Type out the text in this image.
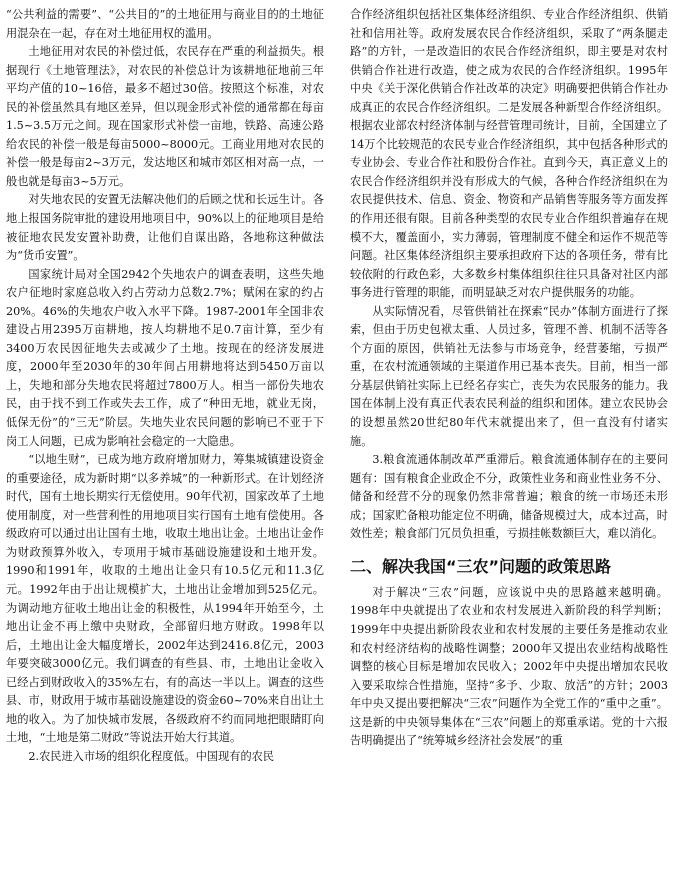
“公共利益的需要”、“公共目的”的土地征用与商业目的的土地征用混杂在一起，存在对土地征用权的滥用。

土地征用对农民的补偿过低，农民存在严重的利益损失。根据现行《土地管理法》，对农民的补偿总计为该耕地征地前三年平均产值的10~16倍，最多不超过30倍。按照这个标准，对农民的补偿虽然具有地区差异，但以现金形式补偿的通常都在每亩1.5~3.5万元之间。现在国家形式补偿一亩地，铁路、高速公路给农民的补偿一般是每亩5000~8000元。工商业用地对农民的补偿一般是每亩2~3万元，发达地区和城市郊区相对高一点，一般也就是每亩3~5万元。

对失地农民的安置无法解决他们的后顾之忧和长远生计。各地上报国务院审批的建设用地项目中，90%以上的征地项目是给被征地农民发安置补助费，让他们自谋出路，各地称这种做法为“货币安置”。

国家统计局对全国2942个失地农户的调查表明，这些失地农户征地时家庭总收入约占劳动力总数2.7%；赋闲在家的约占20%。46%的失地农户收入水平下降。1987-2001年全国非农建设占用2395万亩耕地，按人均耕地不足0.7亩计算，至少有3400万农民因征地失去或减少了土地。按现在的经济发展进度，2000年至2030年的30年间占用耕地将达到5450万亩以上，失地和部分失地农民将超过7800万人。相当一部份失地农民，由于找不到工作或失去工作，成了“种田无地，就业无岗，低保无份”的“三无”阶层。失地失业农民问题的影响已不亚于下岗工人问题，已成为影响社会稳定的一大隐患。

“以地生财”，已成为地方政府增加财力，筹集城镇建设资金的重要途径，成为新时期“以多养城”的一种新形式。在计划经济时代，国有土地长期实行无偿使用。90年代初，国家改革了土地使用制度，对一些营利性的用地项目实行国有土地有偿使用。各级政府可以通过出让国有土地，收取土地出让金。土地出让金作为财政预算外收入，专项用于城市基础设施建设和土地开发。1990和1991年，收取的土地出让金只有10.5亿元和11.3亿元。1992年由于出让规模扩大，土地出让金增加到525亿元。为调动地方征收土地出让金的积极性，从1994年开始至今，土地出让金不再上缴中央财政，全部留归地方财政。1998年以后，土地出让金大幅度增长，2002年达到2416.8亿元，2003年要突破3000亿元。我们调查的有些县、市，土地出让金收入已经占到财政收入的35%左右，有的高达一半以上。调查的这些县、市，财政用于城市基础设施建设的资金60~70%来自出让土地的收入。为了加快城市发展，各级政府不约而同地把眼睛盯向土地，“土地是第二财政”等说法开始大行其道。

2.农民进入市场的组织化程度低。中国现有的农民

合作经济组织包括社区集体经济组织、专业合作经济组织、供销社和信用社等。政府发展农民合作经济组织，采取了“两条腿走路”的方针，一是改造旧的农民合作经济组织，即主要是对农村供销合作社进行改造，使之成为农民的合作经济组织。1995年中央《关于深化供销合作社改革的决定》明确要把供销合作社办成真正的农民合作经济组织。二是发展各种新型合作经济组织。根据农业部农村经济体制与经营管理司统计，目前，全国建立了14万个比较规范的农民专业合作经济组织，其中包括各种形式的专业协会、专业合作社和股份合作社。直到今天，真正意义上的农民合作经济组织并没有形成大的气候，各种合作经济组织在为农民提供技术、信息、资金、物资和产品销售等服务等方面发挥的作用还很有限。目前各种类型的农民专业合作组织普遍存在规模不大，覆盖面小，实力薄弱，管理制度不健全和运作不规范等问题。社区集体经济组织主要承担政府下达的各项任务，带有比较依附的行政色彩，大多数乡村集体组织往往只具备对社区内部事务进行管理的职能，而明显缺乏对农户提供服务的功能。

从实际情况看，尽管供销社在探索“民办”体制方面进行了探索，但由于历史包袱太重、人员过多，管理不善、机制不活等各个方面的原因，供销社无法参与市场竞争，经营萎缩，亏损严重，在农村流通领域的主渠道作用已基本丧失。目前，相当一部分基层供销社实际上已经名存实亡，丧失为农民服务的能力。我国在体制上没有真正代表农民利益的组织和团体。建立农民协会的设想虽然20世纪80年代末就提出来了，但一直没有付诸实施。

3.粮食流通体制改革严重滞后。粮食流通体制存在的主要问题有：国有粮食企业政企不分，政策性业务和商业性业务不分、储备和经营不分的现象仍然非常普遍；粮食的统一市场还未形成；国家贮备粮功能定位不明确，储备规模过大，成本过高，时效性差；粮食部门冗员负担重，亏损挂帐数额巨大，难以消化。

二、解决我国“三农”问题的政策思路

对于解决“三农”问题，应该说中央的思路越来越明确。1998年中央就提出了农业和农村发展进入新阶段的科学判断；1999年中央提出新阶段农业和农村发展的主要任务是推动农业和农村经济结构的战略性调整；2000年又提出农业结构战略性调整的核心目标是增加农民收入；2002年中央提出增加农民收入要采取综合性措施，坚持“多予、少取、放活”的方针；2003年中央又提出要把解决“三农”问题作为全党工作的“重中之重”。这是新的中央领导集体在“三农”问题上的郑重承诺。党的十六报告明确提出了“统筹城乡经济社会发展”的重
